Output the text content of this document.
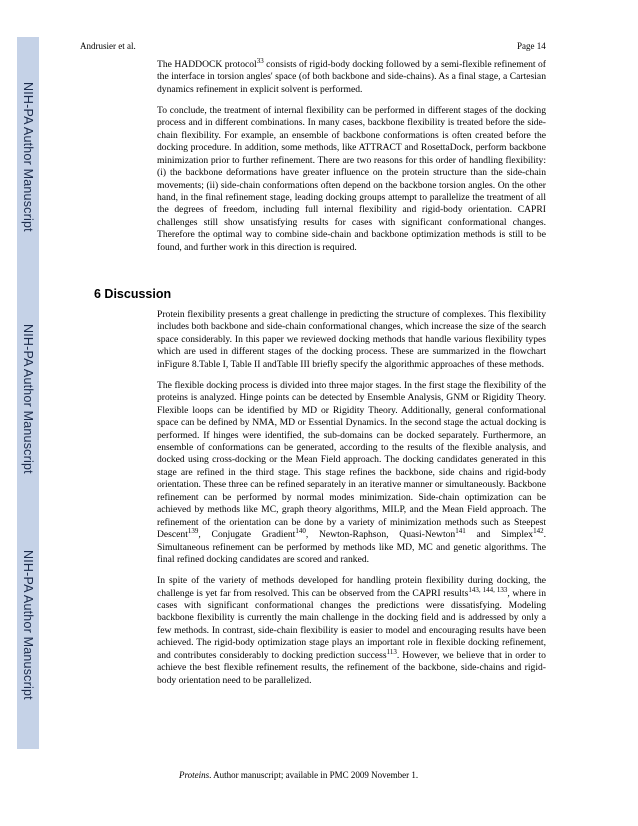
NIH-PA Author Manuscript
NIH-PA Author Manuscript
NIH-PA Author Manuscript
Andrusier et al.	Page 14

The HADDOCK protocol$^{33}$ consists of rigid-body docking followed by a semi-flexible refinement of the interface in torsion angles' space (of both backbone and side-chains). As a final stage, a Cartesian dynamics refinement in explicit solvent is performed.

To conclude, the treatment of internal flexibility can be performed in different stages of the docking process and in different combinations. In many cases, backbone flexibility is treated before the side-chain flexibility. For example, an ensemble of backbone conformations is often created before the docking procedure. In addition, some methods, like ATTRACT and RosettaDock, perform backbone minimization prior to further refinement. There are two reasons for this order of handling flexibility: (i) the backbone deformations have greater influence on the protein structure than the side-chain movements; (ii) side-chain conformations often depend on the backbone torsion angles. On the other hand, in the final refinement stage, leading docking groups attempt to parallelize the treatment of all the degrees of freedom, including full internal flexibility and rigid-body orientation. CAPRI challenges still show unsatisfying results for cases with significant conformational changes. Therefore the optimal way to combine side-chain and backbone optimization methods is still to be found, and further work in this direction is required.

6 Discussion

Protein flexibility presents a great challenge in predicting the structure of complexes. This flexibility includes both backbone and side-chain conformational changes, which increase the size of the search space considerably. In this paper we reviewed docking methods that handle various flexibility types which are used in different stages of the docking process. These are summarized in the flowchart inFigure 8.Table I, Table II andTable III briefly specify the algorithmic approaches of these methods.

The flexible docking process is divided into three major stages. In the first stage the flexibility of the proteins is analyzed. Hinge points can be detected by Ensemble Analysis, GNM or Rigidity Theory. Flexible loops can be identified by MD or Rigidity Theory. Additionally, general conformational space can be defined by NMA, MD or Essential Dynamics. In the second stage the actual docking is performed. If hinges were identified, the sub-domains can be docked separately. Furthermore, an ensemble of conformations can be generated, according to the results of the flexible analysis, and docked using cross-docking or the Mean Field approach. The docking candidates generated in this stage are refined in the third stage. This stage refines the backbone, side chains and rigid-body orientation. These three can be refined separately in an iterative manner or simultaneously. Backbone refinement can be performed by normal modes minimization. Side-chain optimization can be achieved by methods like MC, graph theory algorithms, MILP, and the Mean Field approach. The refinement of the orientation can be done by a variety of minimization methods such as Steepest Descent$^{139}$, Conjugate Gradient$^{140}$, Newton-Raphson, Quasi-Newton$^{141}$ and Simplex$^{142}$. Simultaneous refinement can be performed by methods like MD, MC and genetic algorithms. The final refined docking candidates are scored and ranked.

In spite of the variety of methods developed for handling protein flexibility during docking, the challenge is yet far from resolved. This can be observed from the CAPRI results$^{143, 144, 133}$, where in cases with significant conformational changes the predictions were dissatisfying. Modeling backbone flexibility is currently the main challenge in the docking field and is addressed by only a few methods. In contrast, side-chain flexibility is easier to model and encouraging results have been achieved. The rigid-body optimization stage plays an important role in flexible docking refinement, and contributes considerably to docking prediction success$^{113}$. However, we believe that in order to achieve the best flexible refinement results, the refinement of the backbone, side-chains and rigid-body orientation need to be parallelized.

Proteins. Author manuscript; available in PMC 2009 November 1.
